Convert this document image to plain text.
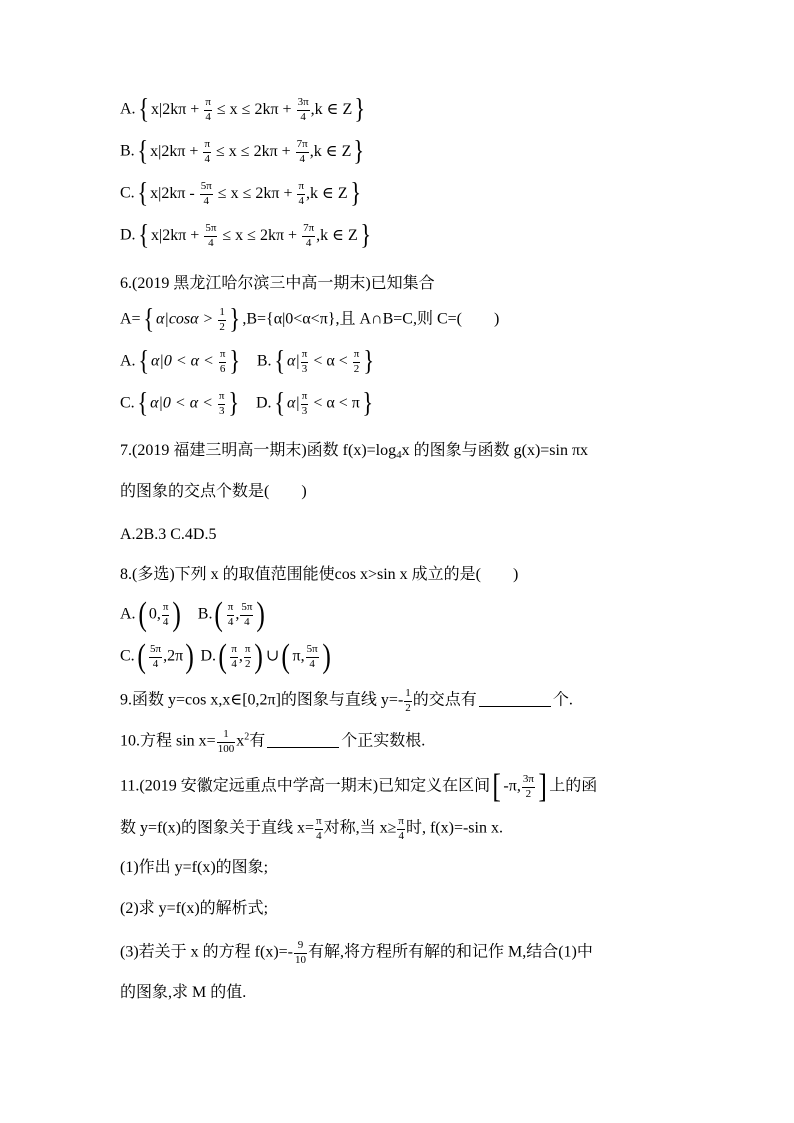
A.{ $x|2k\pi + \frac{\pi}{4} \le x \le 2k\pi + \frac{3\pi}{4} ,k$ ∈ Z}
B.{ $x|2k\pi + \frac{\pi}{4} \le x \le 2k\pi + \frac{7\pi}{4} ,k$ ∈ Z}
C.{ $x|2k\pi - \frac{5\pi}{4} \le x \le 2k\pi + \frac{\pi}{4} ,k$ ∈ Z}
D.{ $x|2k\pi + \frac{5\pi}{4} \le x \le 2k\pi + \frac{7\pi}{4} ,k$ ∈ Z}
6.(2019 黑龙江哈尔滨三中高一期末)已知集合
A={ $\alpha|\cos\alpha > \frac{1}{2}$ } ,B={α|0<α<π},且 A∩B=C,则 C=(　　)
A.{ $\alpha|0 < \alpha < \frac{\pi}{6}$ } B.{ $\alpha| \frac{\pi}{3} < \alpha < \frac{\pi}{2}$ }
C.{ $\alpha|0 < \alpha < \frac{\pi}{3}$ } D.{ $\alpha| \frac{\pi}{3} < \alpha < \pi$}
7.(2019 福建三明高一期末)函数 $f(x)=\log_4x$ 的图象与函数 g(x)=sin πx
的图象的交点个数是(　　)
A.2B.3 C.4D.5
8.(多选)下列 x 的取值范围能使cos x>sin x 成立的是(　　)
A.( 0, $\frac{\pi}{4}$ ) $B.( \frac{\pi}{4}$ , $\frac{5\pi}{4}$ )
$C.( \frac{5\pi}{4} ,2\pi)$ $D.( \frac{\pi}{4}$ , $\frac{\pi}{2}$ ) ∪( π, $\frac{5\pi}{4}$ )
9.函数 y=cos x,x∈[0,2π]的图象与直线 $y=- \frac{1}{2}$ 的交点有	个.
10.方程 $\sin x= \frac{1}{100} x^2$有	个正实数根.
11.(2019 安徽定远重点中学高一期末)已知定义在区间[ -π, $\frac{3\pi}{2}$ ] 上的函
数 y=f(x)的图象关于直线 $x= \frac{\pi}{4}$ 对称,当 $x\ge \frac{\pi}{4}$ 时, f(x)=-sin x.
(1)作出 y=f(x)的图象;
(2)求 y=f(x)的解析式;
(3)若关于 x 的方程 $f(x)=- \frac{9}{10}$ 有解,将方程所有解的和记作 M,结合(1)中
的图象,求 M 的值.
